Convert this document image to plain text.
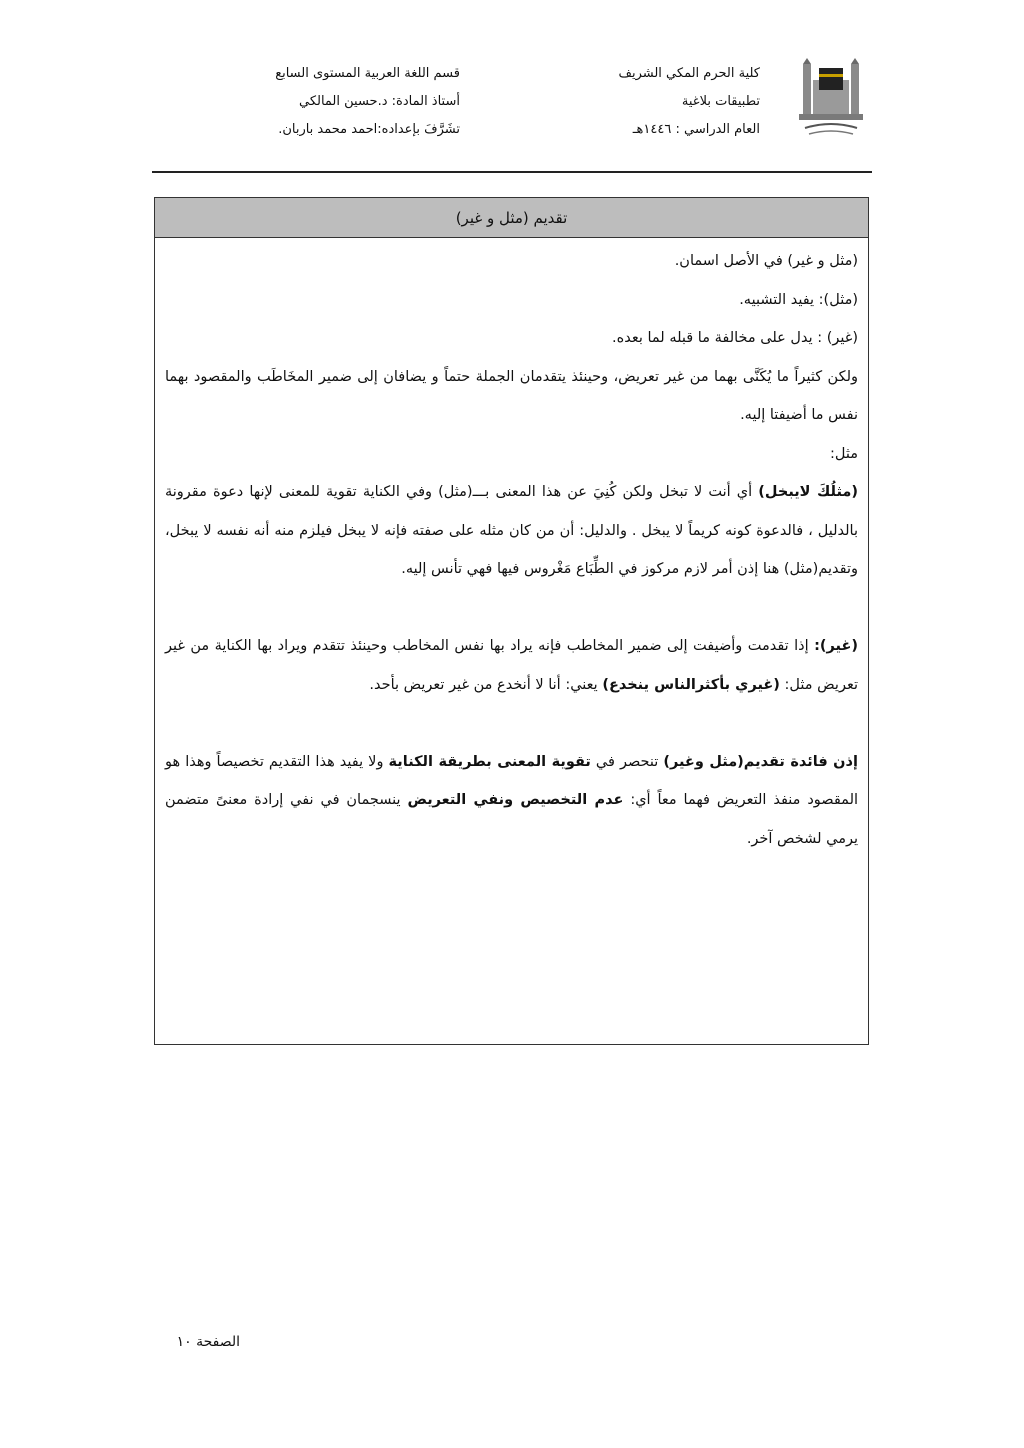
كلية الحرم المكي الشريف
تطبيقات بلاغية
العام الدراسي : ١٤٤٦هـ
قسم اللغة العربية المستوى السابع
أستاذ المادة: د.حسين المالكي
تشَرَّفَ بإعداده:احمد محمد باربان.
تقديم (مثل و غير)

(مثل و غير) في الأصل اسمان.

(مثل): يفيد التشبيه.

(غير) : يدل على مخالفة ما قبله لما بعده.

ولكن كثيراً ما يُكَنَّى بهما من غير تعريض، وحينئذ يتقدمان الجملة حتماً و يضافان إلى ضمير المخَاطَب والمقصود بهما نفس ما أضيفتا إليه.

مثل:

(مثلُكَ لايبخل) أي أنت لا تبخل ولكن كُنِيَ عن هذا المعنى بـــ(مثل) وفي الكناية تقوية للمعنى لإنها دعوة مقرونة بالدليل ، فالدعوة كونه كريماً لا يبخل . والدليل: أن من كان مثله على صفته فإنه لا يبخل فيلزم منه أنه نفسه لا يبخل، وتقديم(مثل) هنا إذن أمر لازم مركوز في الطِّبَاع مَغْروس فيها فهي تأنس إليه.

(غير): إذا تقدمت وأضيفت إلى ضمير المخاطب فإنه يراد بها نفس المخاطب وحينئذ تتقدم ويراد بها الكناية من غير تعريض مثل: (غيري بأكثرالناس ينخدع) يعني: أنا لا أنخدع من غير تعريض بأحد.

إذن فائدة تقديم(مثل وغير) تنحصر في تقوية المعنى بطريقة الكناية ولا يفيد هذا التقديم تخصيصاً وهذا هو المقصود منفذ التعريض فهما معاً أي: عدم التخصيص ونفي التعريض ينسجمان في نفي إرادة معنىً متضمن يرمي لشخص آخر.

الصفحة ١٠
